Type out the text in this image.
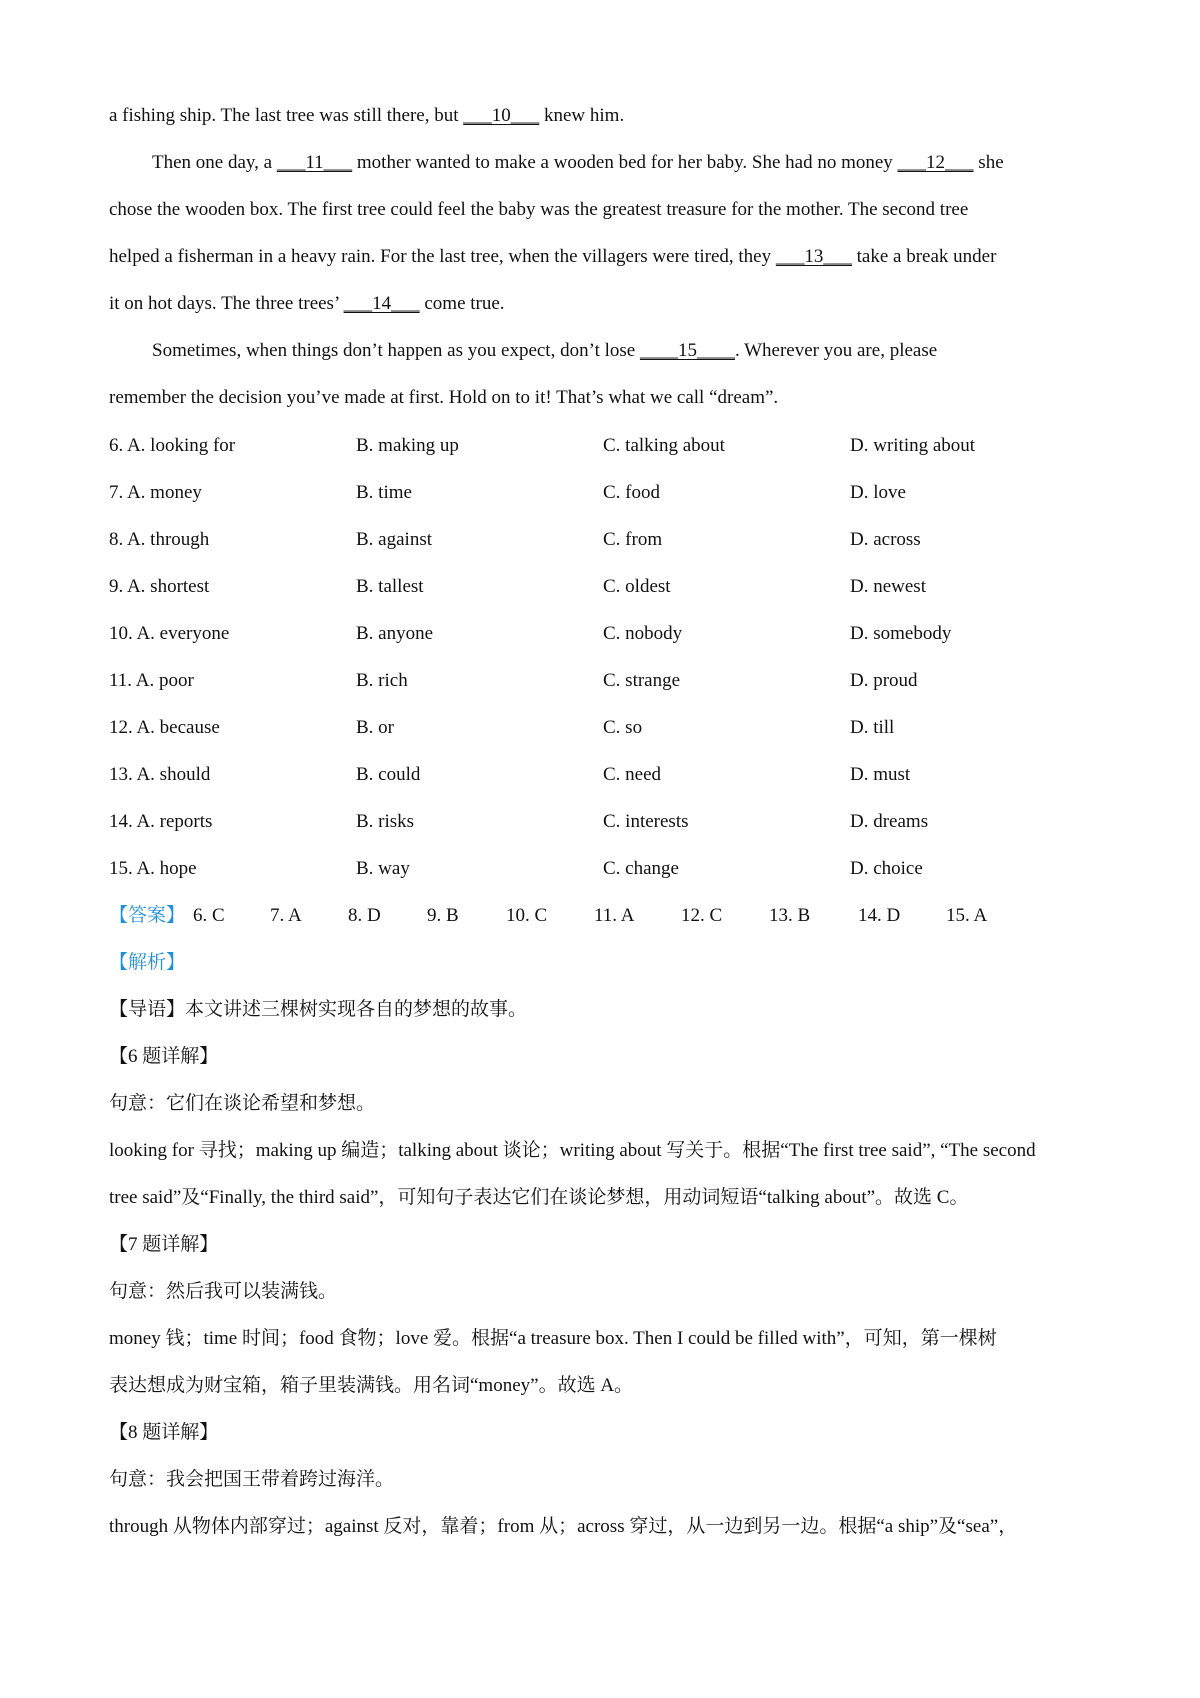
a fishing ship. The last tree was still there, but ___10___ knew him.
Then one day, a ___11___ mother wanted to make a wooden bed for her baby. She had no money ___12___ she
chose the wooden box. The first tree could feel the baby was the greatest treasure for the mother. The second tree
helped a fisherman in a heavy rain. For the last tree, when the villagers were tired, they ___13___ take a break under
it on hot days. The three trees’ ___14___ come true.
Sometimes, when things don’t happen as you expect, don’t lose ____15____. Wherever you are, please
remember the decision you’ve made at first. Hold on to it! That’s what we call “dream”.
6. A. looking for	B. making up	C. talking about	D. writing about
7. A. money	B. time	C. food	D. love
8. A. through	B. against	C. from	D. across
9. A. shortest	B. tallest	C. oldest	D. newest
10. A. everyone	B. anyone	C. nobody	D. somebody
11. A. poor	B. rich	C. strange	D. proud
12. A. because	B. or	C. so	D. till
13. A. should	B. could	C. need	D. must
14. A. reports	B. risks	C. interests	D. dreams
15. A. hope	B. way	C. change	D. choice
【答案】 6. C 7. A 8. D 9. B 10. C 11. A 12. C 13. B	14. D 15. A
【解析】
【导语】本文讲述三棵树实现各自的梦想的故事。
【6 题详解】
句意：它们在谈论希望和梦想。
looking for 寻找；making up 编造；talking about 谈论；writing about 写关于。根据“The first tree said”, “The second
tree said”及“Finally, the third said”，可知句子表达它们在谈论梦想，用动词短语“talking about”。故选 C。
【7 题详解】
句意：然后我可以装满钱。
money 钱；time 时间；food 食物；love 爱。根据“a treasure box. Then I could be filled with”，可知，第一棵树
表达想成为财宝箱，箱子里装满钱。用名词“money”。故选 A。
【8 题详解】
句意：我会把国王带着跨过海洋。
through 从物体内部穿过；against 反对，靠着；from 从；across 穿过，从一边到另一边。根据“a ship”及“sea”，
